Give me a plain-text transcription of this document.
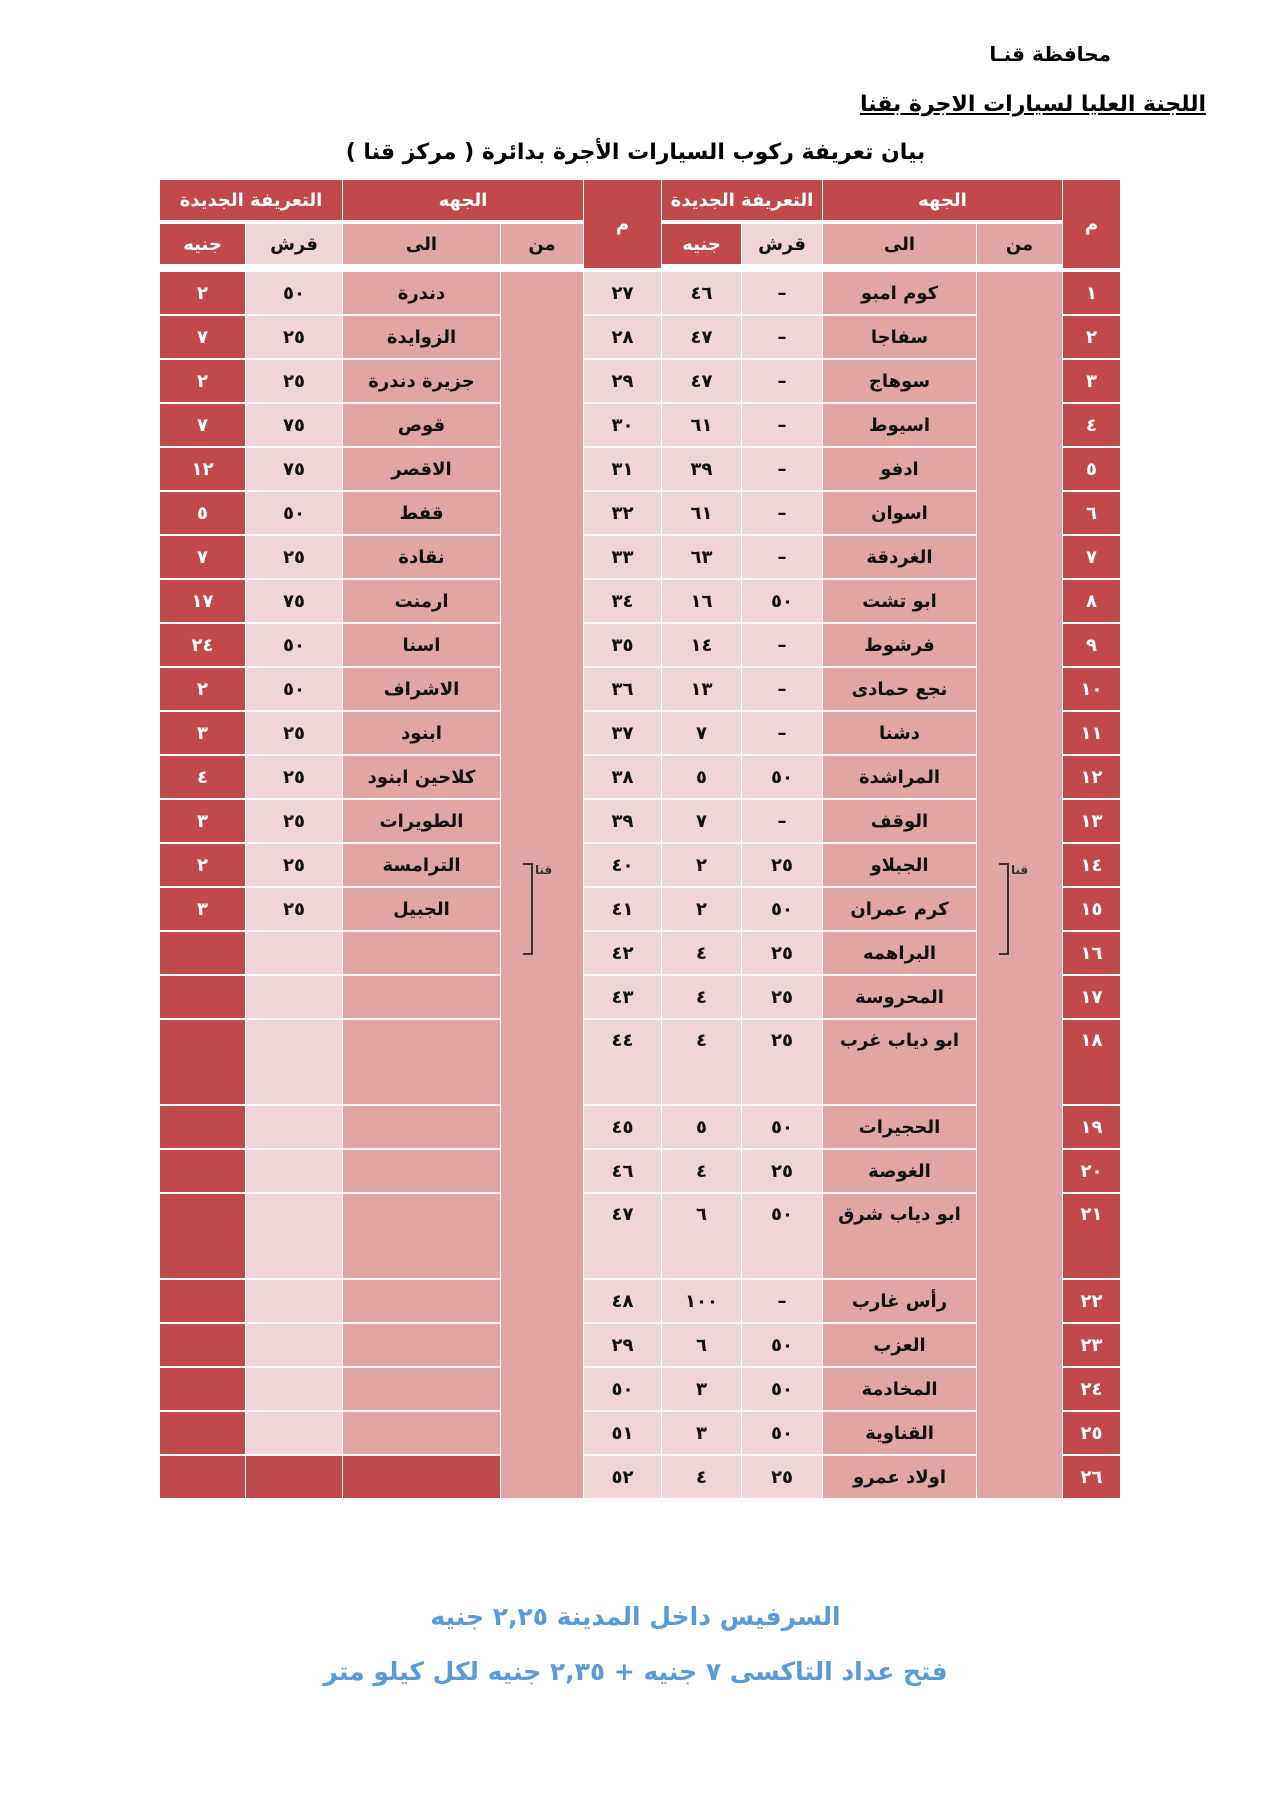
محافظة قنـا
اللجنة العليا لسيارات الاجرة بقنا
بيان تعريفة ركوب السيارات الأجرة بدائرة ( مركز قنا )
م
الجهه
التعريفة الجديدة
من
الى
قرش
جنيه
م
الجهه
التعريفة الجديدة
من
الى
قرش
جنيه
١
كوم امبو
–
٤٦
٢٧
دندرة
٥٠
٢
٢
سفاجا
–
٤٧
٢٨
الزوايدة
٢٥
٧
٣
سوهاج
–
٤٧
٢٩
جزيرة دندرة
٢٥
٢
٤
اسيوط
–
٦١
٣٠
قوص
٧٥
٧
٥
ادفو
–
٣٩
٣١
الاقصر
٧٥
١٢
٦
اسوان
–
٦١
٣٢
قفط
٥٠
٥
٧
الغردقة
–
٦٣
٣٣
نقادة
٢٥
٧
٨
ابو تشت
٥٠
١٦
٣٤
ارمنت
٧٥
١٧
٩
فرشوط
–
١٤
٣٥
اسنا
٥٠
٢٤
١٠
نجع حمادى
–
١٣
٣٦
الاشراف
٥٠
٢
١١
دشنا
–
٧
٣٧
ابنود
٢٥
٣
١٢
المراشدة
٥٠
٥
٣٨
كلاحين ابنود
٢٥
٤
١٣
الوقف
–
٧
٣٩
الطويرات
٢٥
٣
١٤
الجبلاو
٢٥
٢
٤٠
الترامسة
٢٥
٢
١٥
كرم عمران
٥٠
٢
٤١
الجبيل
٢٥
٣
١٦
البراهمه
٢٥
٤
٤٢
١٧
المحروسة
٢٥
٤
٤٣
١٨
ابو دياب غرب
٢٥
٤
٤٤
١٩
الحجيرات
٥٠
٥
٤٥
٢٠
الغوصة
٢٥
٤
٤٦
٢١
ابو دياب شرق
٥٠
٦
٤٧
٢٢
رأس غارب
–
١٠٠
٤٨
٢٣
العزب
٥٠
٦
٢٩
٢٤
المخادمة
٥٠
٣
٥٠
٢٥
القناوية
٥٠
٣
٥١
٢٦
اولاد عمرو
٢٥
٤
٥٢
قنا
قنا
السرفيس داخل المدينة ٢,٢٥ جنيه
فتح عداد التاكسى ٧ جنيه + ٢,٣٥ جنيه لكل كيلو متر
